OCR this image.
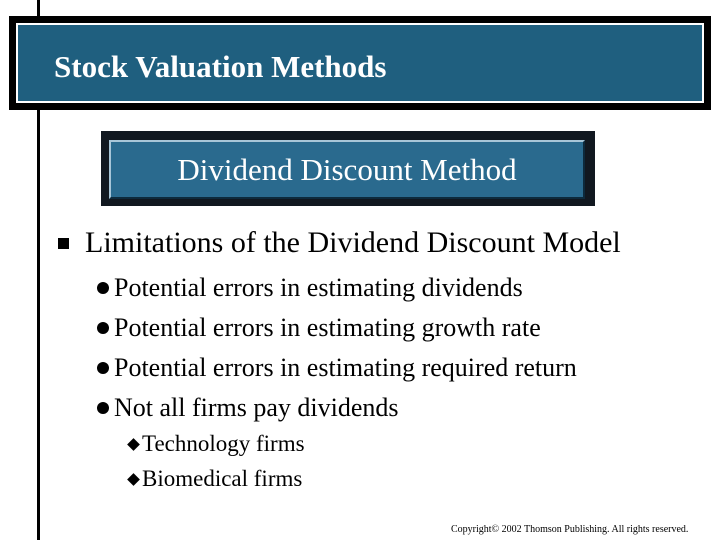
Stock Valuation Methods
Dividend Discount Method
Limitations of the Dividend Discount Model
Potential errors in estimating dividends
Potential errors in estimating growth rate
Potential errors in estimating required return
Not all firms pay dividends
Technology firms
Biomedical firms
Copyright© 2002 Thomson Publishing. All rights reserved.
